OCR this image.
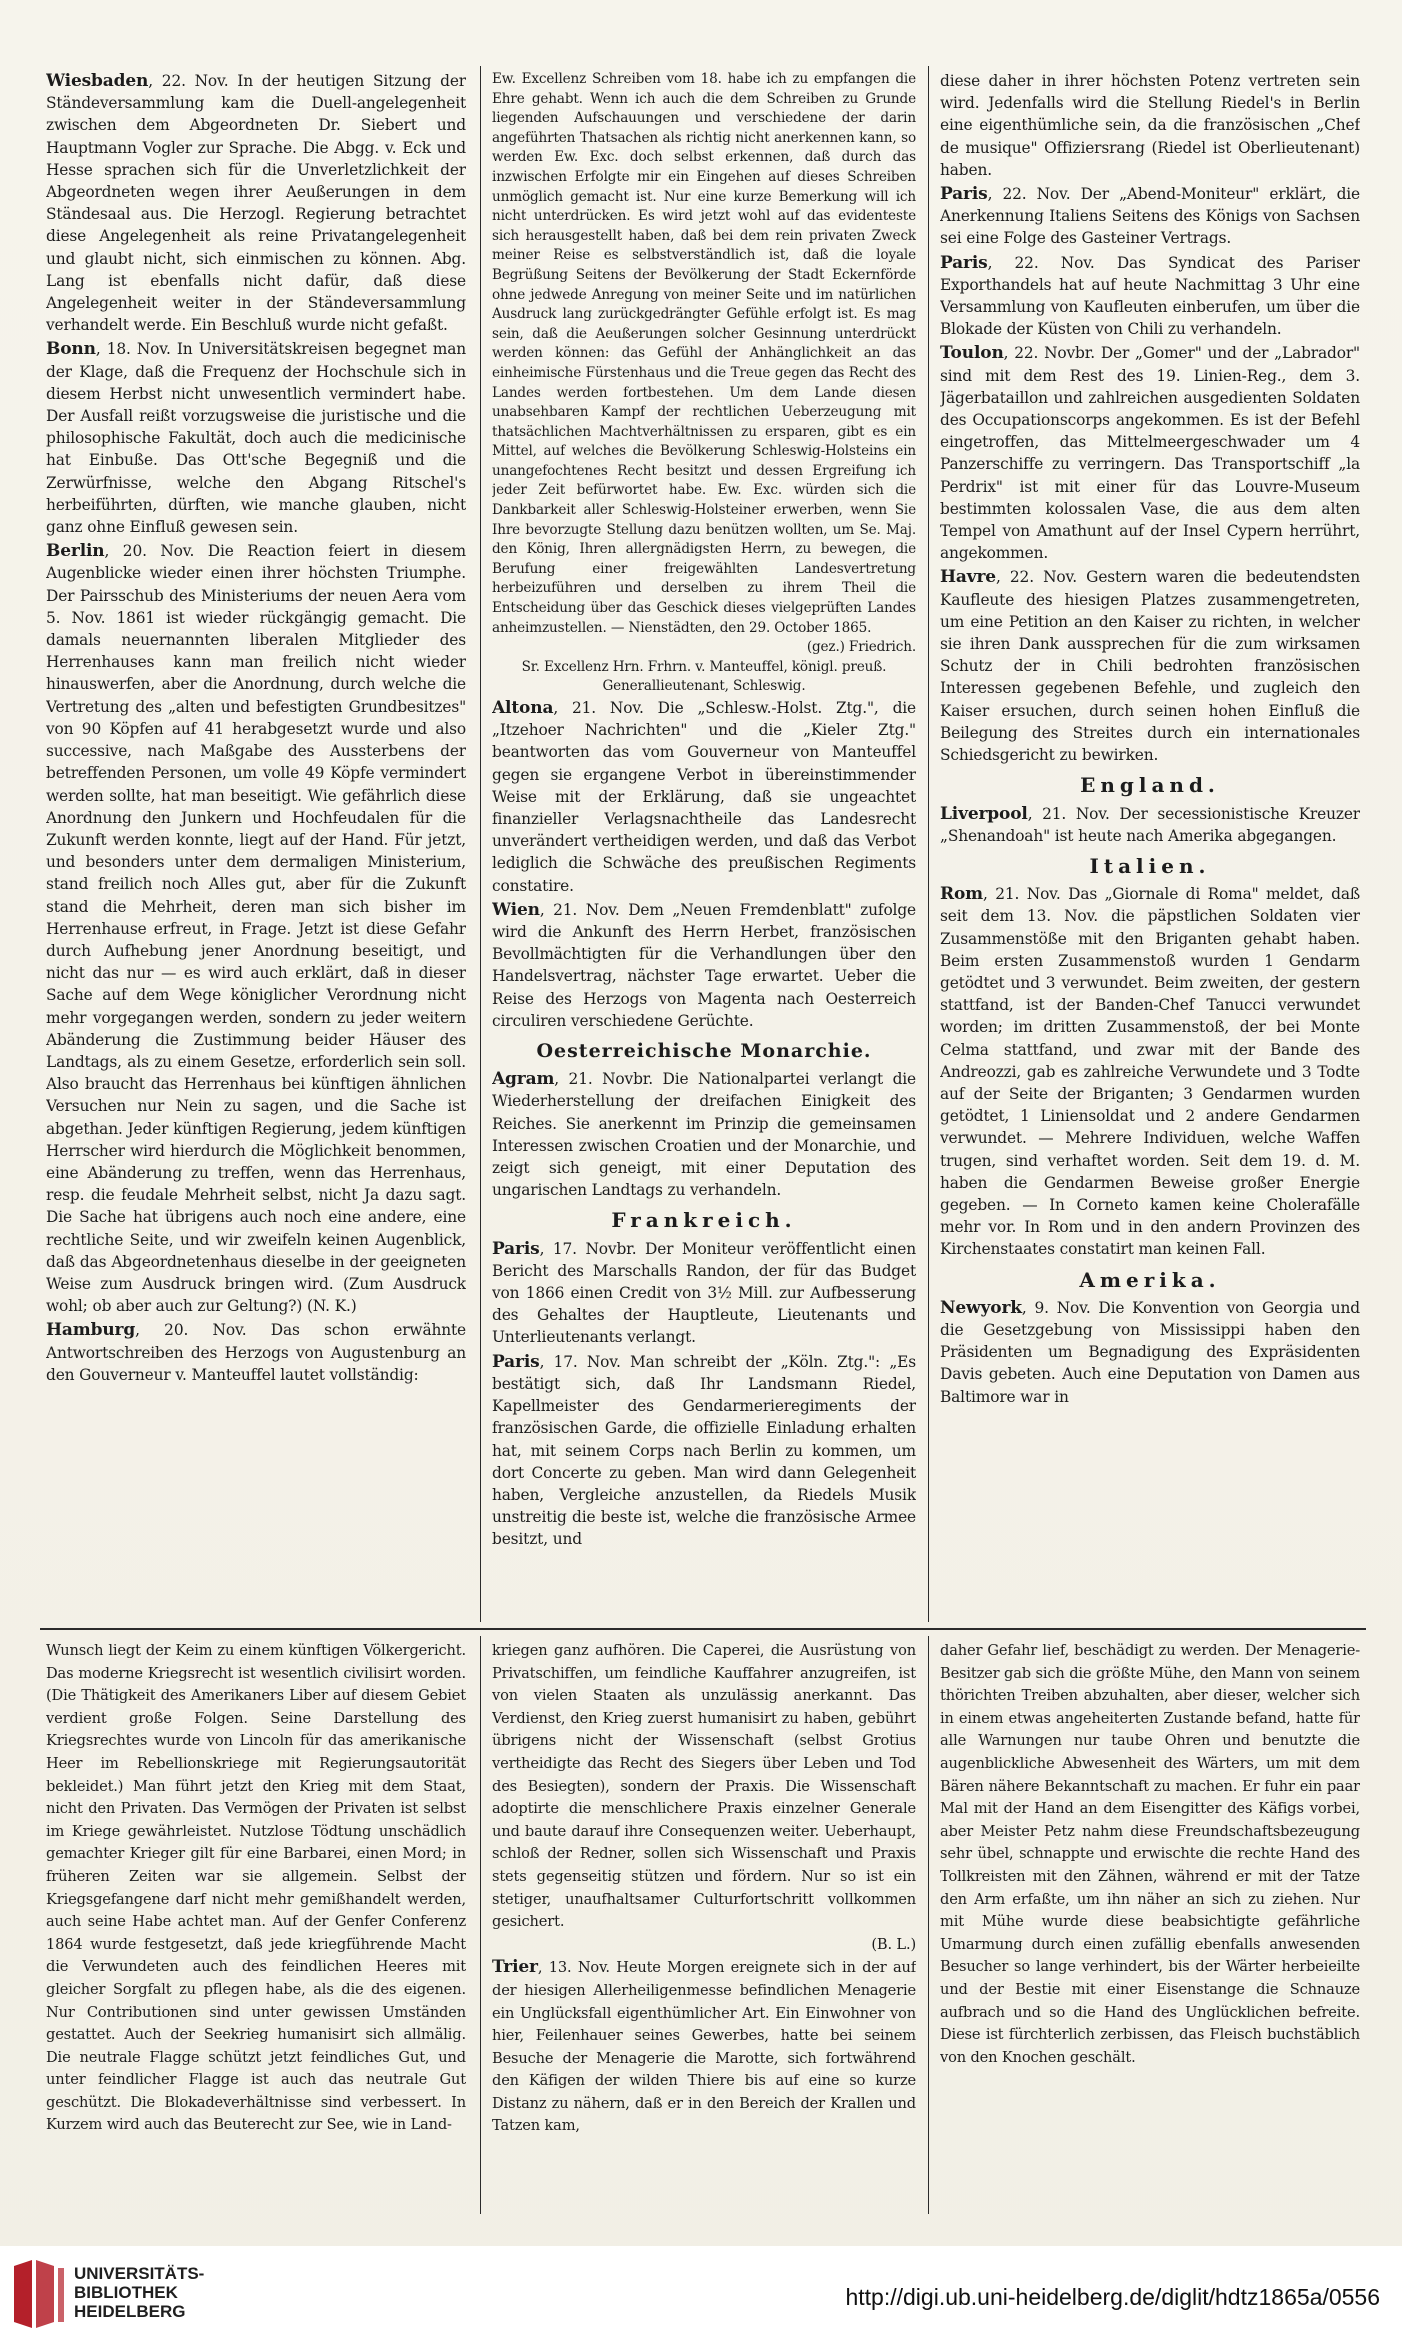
Wiesbaden, 22. Nov. In der heutigen Sitzung der Ständeversammlung kam die Duell-angelegenheit zwischen dem Abgeordneten Dr. Siebert und Hauptmann Vogler zur Sprache. Die Abgg. v. Eck und Hesse sprachen sich für die Unverletzlichkeit der Abgeordneten wegen ihrer Aeußerungen in dem Ständesaal aus. Die Herzogl. Regierung betrachtet diese Angelegenheit als reine Privatangelegenheit und glaubt nicht, sich einmischen zu können. Abg. Lang ist ebenfalls nicht dafür, daß diese Angelegenheit weiter in der Ständeversammlung verhandelt werde. Ein Beschluß wurde nicht gefaßt.

Bonn, 18. Nov. In Universitätskreisen begegnet man der Klage, daß die Frequenz der Hochschule sich in diesem Herbst nicht unwesentlich vermindert habe. Der Ausfall reißt vorzugsweise die juristische und die philosophische Fakultät, doch auch die medicinische hat Einbuße. Das Ott'sche Begegniß und die Zerwürfnisse, welche den Abgang Ritschel's herbeiführten, dürften, wie manche glauben, nicht ganz ohne Einfluß gewesen sein.

Berlin, 20. Nov. Die Reaction feiert in diesem Augenblicke wieder einen ihrer höchsten Triumphe. Der Pairsschub des Ministeriums der neuen Aera vom 5. Nov. 1861 ist wieder rückgängig gemacht. Die damals neuernannten liberalen Mitglieder des Herrenhauses kann man freilich nicht wieder hinauswerfen, aber die Anordnung, durch welche die Vertretung des „alten und befestigten Grundbesitzes" von 90 Köpfen auf 41 herabgesetzt wurde und also successive, nach Maßgabe des Aussterbens der betreffenden Personen, um volle 49 Köpfe vermindert werden sollte, hat man beseitigt. Wie gefährlich diese Anordnung den Junkern und Hochfeudalen für die Zukunft werden konnte, liegt auf der Hand. Für jetzt, und besonders unter dem dermaligen Ministerium, stand freilich noch Alles gut, aber für die Zukunft stand die Mehrheit, deren man sich bisher im Herrenhause erfreut, in Frage. Jetzt ist diese Gefahr durch Aufhebung jener Anordnung beseitigt, und nicht das nur — es wird auch erklärt, daß in dieser Sache auf dem Wege königlicher Verordnung nicht mehr vorgegangen werden, sondern zu jeder weitern Abänderung die Zustimmung beider Häuser des Landtags, als zu einem Gesetze, erforderlich sein soll. Also braucht das Herrenhaus bei künftigen ähnlichen Versuchen nur Nein zu sagen, und die Sache ist abgethan. Jeder künftigen Regierung, jedem künftigen Herrscher wird hierdurch die Möglichkeit benommen, eine Abänderung zu treffen, wenn das Herrenhaus, resp. die feudale Mehrheit selbst, nicht Ja dazu sagt. Die Sache hat übrigens auch noch eine andere, eine rechtliche Seite, und wir zweifeln keinen Augenblick, daß das Abgeordnetenhaus dieselbe in der geeigneten Weise zum Ausdruck bringen wird. (Zum Ausdruck wohl; ob aber auch zur Geltung?) (N. K.)

Hamburg, 20. Nov. Das schon erwähnte Antwortschreiben des Herzogs von Augustenburg an den Gouverneur v. Manteuffel lautet vollständig:

Ew. Excellenz Schreiben vom 18. habe ich zu empfangen die Ehre gehabt. Wenn ich auch die dem Schreiben zu Grunde liegenden Aufschauungen und verschiedene der darin angeführten Thatsachen als richtig nicht anerkennen kann, so werden Ew. Exc. doch selbst erkennen, daß durch das inzwischen Erfolgte mir ein Eingehen auf dieses Schreiben unmöglich gemacht ist. Nur eine kurze Bemerkung will ich nicht unterdrücken. Es wird jetzt wohl auf das evidenteste sich herausgestellt haben, daß bei dem rein privaten Zweck meiner Reise es selbstverständlich ist, daß die loyale Begrüßung Seitens der Bevölkerung der Stadt Eckernförde ohne jedwede Anregung von meiner Seite und im natürlichen Ausdruck lang zurückgedrängter Gefühle erfolgt ist. Es mag sein, daß die Aeußerungen solcher Gesinnung unterdrückt werden können: das Gefühl der Anhänglichkeit an das einheimische Fürstenhaus und die Treue gegen das Recht des Landes werden fortbestehen. Um dem Lande diesen unabsehbaren Kampf der rechtlichen Ueberzeugung mit thatsächlichen Machtverhältnissen zu ersparen, gibt es ein Mittel, auf welches die Bevölkerung Schleswig-Holsteins ein unangefochtenes Recht besitzt und dessen Ergreifung ich jeder Zeit befürwortet habe. Ew. Exc. würden sich die Dankbarkeit aller Schleswig-Holsteiner erwerben, wenn Sie Ihre bevorzugte Stellung dazu benützen wollten, um Se. Maj. den König, Ihren allergnädigsten Herrn, zu bewegen, die Berufung einer freigewählten Landesvertretung herbeizuführen und derselben zu ihrem Theil die Entscheidung über das Geschick dieses vielgeprüften Landes anheimzustellen. — Nienstädten, den 29. October 1865.

(gez.) Friedrich.

Sr. Excellenz Hrn. Frhrn. v. Manteuffel, königl. preuß. Generallieutenant, Schleswig.

Altona, 21. Nov. Die „Schlesw.-Holst. Ztg.", die „Itzehoer Nachrichten" und die „Kieler Ztg." beantworten das vom Gouverneur von Manteuffel gegen sie ergangene Verbot in übereinstimmender Weise mit der Erklärung, daß sie ungeachtet finanzieller Verlagsnachtheile das Landesrecht unverändert vertheidigen werden, und daß das Verbot lediglich die Schwäche des preußischen Regiments constatire.

Wien, 21. Nov. Dem „Neuen Fremdenblatt" zufolge wird die Ankunft des Herrn Herbet, französischen Bevollmächtigten für die Verhandlungen über den Handelsvertrag, nächster Tage erwartet. Ueber die Reise des Herzogs von Magenta nach Oesterreich circuliren verschiedene Gerüchte.

Oesterreichische Monarchie.

Agram, 21. Novbr. Die Nationalpartei verlangt die Wiederherstellung der dreifachen Einigkeit des Reiches. Sie anerkennt im Prinzip die gemeinsamen Interessen zwischen Croatien und der Monarchie, und zeigt sich geneigt, mit einer Deputation des ungarischen Landtags zu verhandeln.

Frankreich.

Paris, 17. Novbr. Der Moniteur veröffentlicht einen Bericht des Marschalls Randon, der für das Budget von 1866 einen Credit von 3½ Mill. zur Aufbesserung des Gehaltes der Hauptleute, Lieutenants und Unterlieutenants verlangt.

Paris, 17. Nov. Man schreibt der „Köln. Ztg.": „Es bestätigt sich, daß Ihr Landsmann Riedel, Kapellmeister des Gendarmerieregiments der französischen Garde, die offizielle Einladung erhalten hat, mit seinem Corps nach Berlin zu kommen, um dort Concerte zu geben. Man wird dann Gelegenheit haben, Vergleiche anzustellen, da Riedels Musik unstreitig die beste ist, welche die französische Armee besitzt, und

diese daher in ihrer höchsten Potenz vertreten sein wird. Jedenfalls wird die Stellung Riedel's in Berlin eine eigenthümliche sein, da die französischen „Chef de musique" Offiziersrang (Riedel ist Oberlieutenant) haben.

Paris, 22. Nov. Der „Abend-Moniteur" erklärt, die Anerkennung Italiens Seitens des Königs von Sachsen sei eine Folge des Gasteiner Vertrags.

Paris, 22. Nov. Das Syndicat des Pariser Exporthandels hat auf heute Nachmittag 3 Uhr eine Versammlung von Kaufleuten einberufen, um über die Blokade der Küsten von Chili zu verhandeln.

Toulon, 22. Novbr. Der „Gomer" und der „Labrador" sind mit dem Rest des 19. Linien-Reg., dem 3. Jägerbataillon und zahlreichen ausgedienten Soldaten des Occupationscorps angekommen. Es ist der Befehl eingetroffen, das Mittelmeergeschwader um 4 Panzerschiffe zu verringern. Das Transportschiff „la Perdrix" ist mit einer für das Louvre-Museum bestimmten kolossalen Vase, die aus dem alten Tempel von Amathunt auf der Insel Cypern herrührt, angekommen.

Havre, 22. Nov. Gestern waren die bedeutendsten Kaufleute des hiesigen Platzes zusammengetreten, um eine Petition an den Kaiser zu richten, in welcher sie ihren Dank aussprechen für die zum wirksamen Schutz der in Chili bedrohten französischen Interessen gegebenen Befehle, und zugleich den Kaiser ersuchen, durch seinen hohen Einfluß die Beilegung des Streites durch ein internationales Schiedsgericht zu bewirken.

England.

Liverpool, 21. Nov. Der secessionistische Kreuzer „Shenandoah" ist heute nach Amerika abgegangen.

Italien.

Rom, 21. Nov. Das „Giornale di Roma" meldet, daß seit dem 13. Nov. die päpstlichen Soldaten vier Zusammenstöße mit den Briganten gehabt haben. Beim ersten Zusammenstoß wurden 1 Gendarm getödtet und 3 verwundet. Beim zweiten, der gestern stattfand, ist der Banden-Chef Tanucci verwundet worden; im dritten Zusammenstoß, der bei Monte Celma stattfand, und zwar mit der Bande des Andreozzi, gab es zahlreiche Verwundete und 3 Todte auf der Seite der Briganten; 3 Gendarmen wurden getödtet, 1 Liniensoldat und 2 andere Gendarmen verwundet. — Mehrere Individuen, welche Waffen trugen, sind verhaftet worden. Seit dem 19. d. M. haben die Gendarmen Beweise großer Energie gegeben. — In Corneto kamen keine Cholerafälle mehr vor. In Rom und in den andern Provinzen des Kirchenstaates constatirt man keinen Fall.

Amerika.

Newyork, 9. Nov. Die Konvention von Georgia und die Gesetzgebung von Mississippi haben den Präsidenten um Begnadigung des Expräsidenten Davis gebeten. Auch eine Deputation von Damen aus Baltimore war in

Wunsch liegt der Keim zu einem künftigen Völkergericht. Das moderne Kriegsrecht ist wesentlich civilisirt worden. (Die Thätigkeit des Amerikaners Liber auf diesem Gebiet verdient große Folgen. Seine Darstellung des Kriegsrechtes wurde von Lincoln für das amerikanische Heer im Rebellionskriege mit Regierungsautorität bekleidet.) Man führt jetzt den Krieg mit dem Staat, nicht den Privaten. Das Vermögen der Privaten ist selbst im Kriege gewährleistet. Nutzlose Tödtung unschädlich gemachter Krieger gilt für eine Barbarei, einen Mord; in früheren Zeiten war sie allgemein. Selbst der Kriegsgefangene darf nicht mehr gemißhandelt werden, auch seine Habe achtet man. Auf der Genfer Conferenz 1864 wurde festgesetzt, daß jede kriegführende Macht die Verwundeten auch des feindlichen Heeres mit gleicher Sorgfalt zu pflegen habe, als die des eigenen. Nur Contributionen sind unter gewissen Umständen gestattet. Auch der Seekrieg humanisirt sich allmälig. Die neutrale Flagge schützt jetzt feindliches Gut, und unter feindlicher Flagge ist auch das neutrale Gut geschützt. Die Blokadeverhältnisse sind verbessert. In Kurzem wird auch das Beuterecht zur See, wie in Land-

kriegen ganz aufhören. Die Caperei, die Ausrüstung von Privatschiffen, um feindliche Kauffahrer anzugreifen, ist von vielen Staaten als unzulässig anerkannt. Das Verdienst, den Krieg zuerst humanisirt zu haben, gebührt übrigens nicht der Wissenschaft (selbst Grotius vertheidigte das Recht des Siegers über Leben und Tod des Besiegten), sondern der Praxis. Die Wissenschaft adoptirte die menschlichere Praxis einzelner Generale und baute darauf ihre Consequenzen weiter. Ueberhaupt, schloß der Redner, sollen sich Wissenschaft und Praxis stets gegenseitig stützen und fördern. Nur so ist ein stetiger, unaufhaltsamer Culturfortschritt vollkommen gesichert.

(B. L.)

Trier, 13. Nov. Heute Morgen ereignete sich in der auf der hiesigen Allerheiligenmesse befindlichen Menagerie ein Unglücksfall eigenthümlicher Art. Ein Einwohner von hier, Feilenhauer seines Gewerbes, hatte bei seinem Besuche der Menagerie die Marotte, sich fortwährend den Käfigen der wilden Thiere bis auf eine so kurze Distanz zu nähern, daß er in den Bereich der Krallen und Tatzen kam,

daher Gefahr lief, beschädigt zu werden. Der Menagerie-Besitzer gab sich die größte Mühe, den Mann von seinem thörichten Treiben abzuhalten, aber dieser, welcher sich in einem etwas angeheiterten Zustande befand, hatte für alle Warnungen nur taube Ohren und benutzte die augenblickliche Abwesenheit des Wärters, um mit dem Bären nähere Bekanntschaft zu machen. Er fuhr ein paar Mal mit der Hand an dem Eisengitter des Käfigs vorbei, aber Meister Petz nahm diese Freundschaftsbezeugung sehr übel, schnappte und erwischte die rechte Hand des Tollkreisten mit den Zähnen, während er mit der Tatze den Arm erfaßte, um ihn näher an sich zu ziehen. Nur mit Mühe wurde diese beabsichtigte gefährliche Umarmung durch einen zufällig ebenfalls anwesenden Besucher so lange verhindert, bis der Wärter herbeieilte und der Bestie mit einer Eisenstange die Schnauze aufbrach und so die Hand des Unglücklichen befreite. Diese ist fürchterlich zerbissen, das Fleisch buchstäblich von den Knochen geschält.

UNIVERSITÄTS-
BIBLIOTHEK
HEIDELBERG
http://digi.ub.uni-heidelberg.de/diglit/hdtz1865a/0556
